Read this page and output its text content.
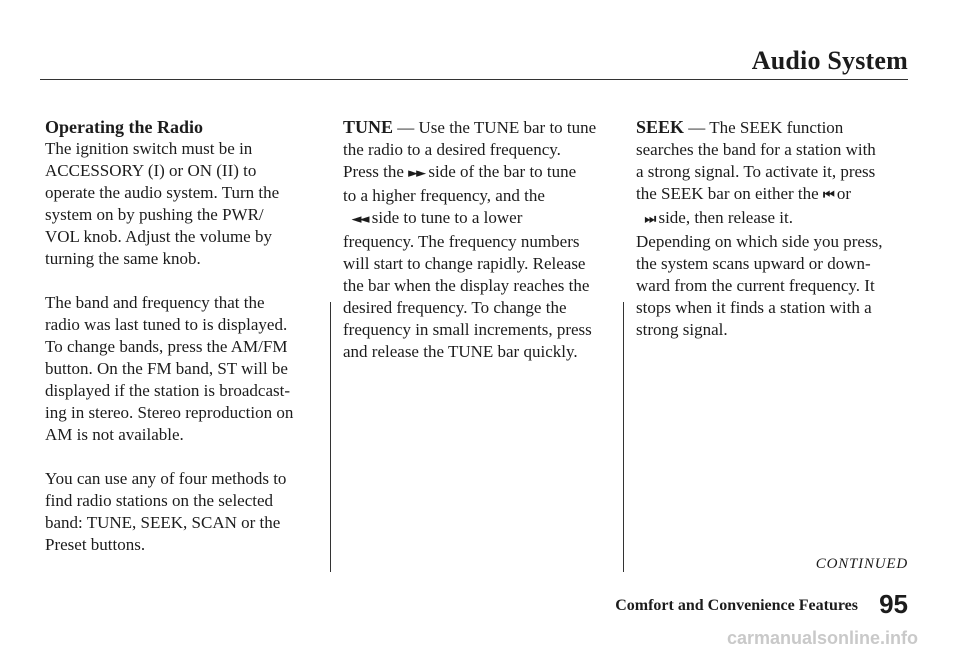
Audio System

Operating the Radio

The ignition switch must be in

ACCESSORY (I) or ON (II) to

operate the audio system. Turn the

system on by pushing the PWR/

VOL knob. Adjust the volume by

turning the same knob.

The band and frequency that the

radio was last tuned to is displayed.

To change bands, press the AM/FM

button. On the FM band, ST will be

displayed if the station is broadcast-

ing in stereo. Stereo reproduction on

AM is not available.

You can use any of four methods to

find radio stations on the selected

band: TUNE, SEEK, SCAN or the

Preset buttons.

TUNE — Use the TUNE bar to tune

the radio to a desired frequency.

Press the ►► side of the bar to tune

to a higher frequency, and the

◄◄ side to tune to a lower

frequency. The frequency numbers

will start to change rapidly. Release

the bar when the display reaches the

desired frequency. To change the

frequency in small increments, press

and release the TUNE bar quickly.

SEEK — The SEEK function

searches the band for a station with

a strong signal. To activate it, press

the SEEK bar on either the ⏮ or

⏭ side, then release it.

Depending on which side you press,

the system scans upward or down-

ward from the current frequency. It

stops when it finds a station with a

strong signal.

CONTINUED
Comfort and Convenience Features 95
carmanualsonline.info
